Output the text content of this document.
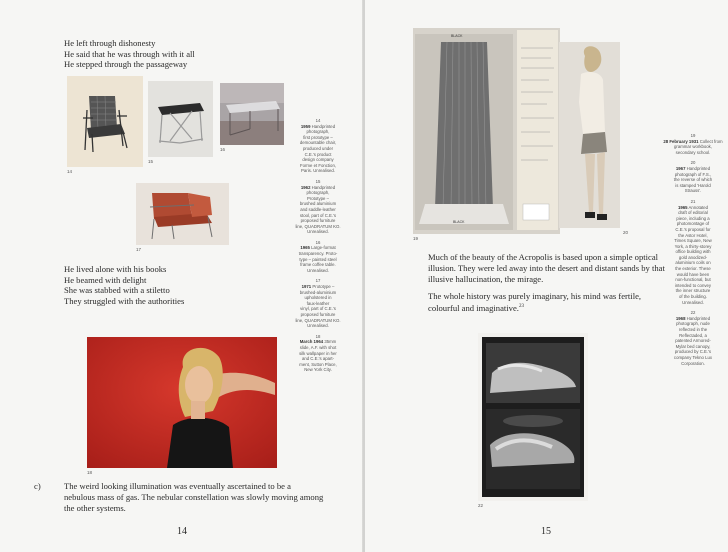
He left through dishonesty
He said that he was through with it all
He stepped through the passageway
14
15
16
17
14
1959 Handprinted
photograph,
first prototype –
demountable chair,
produced under
C.E.'s product
design company
Forme et Fonction,
Paris. Unrealised.
15
1962 Handprinted
photograph,
Prototype –
brushed aluminium
and saddle-leather
stool, part of C.E.'s
proposed furniture
line, QUADRATUM KO.
Unrealised.
16
1965 Large-format
transparency. Proto-
type – painted steel
frame coffee table.
Unrealised.
17
1971 Prototype –
brushed-aluminium
upholstered in
faux-leather
vinyl, part of C.E.'s
proposed furniture
line, QUADRATUM KO.
Unrealised.
18
March 1964 35mm
slide, A.F. with shot
silk wallpaper in her
and C.E.'s apart-
ment, Sutton Place,
New York City.
He lived alone with his books
He beamed with delight
She was stabbed with a stiletto
They struggled with the authorities
18
c)	The weird looking illumination was eventually ascertained to be a
nebulous mass of gas. The nebular constellation was slowly moving among
the other systems.
14
BLACK
BLACK
19
20
19
28 February 1931 Collect from
grammar workbook,
secondary school.
20
1967 Handprinted
photograph of F.S.,
the reverse of which
is stamped 'Harold
Strauss'.
21
1965 Annotated
draft of editorial
piece, including a
photomontage of
C.E.'s proposal for
the Astor Hotel,
Times Square, New
York, a thirty-storey
office building with
gold anodized-
aluminium coils on
the exterior. These
would have been
non-functional, but
intended to convey
the inner structure
of the building.
Unrealised.
22
1968 Handprinted
photograph, nude
reflected in the
Reflectaded, a
patented Armored-
Mylar bed canopy,
produced by C.E.'s
company Tekno Lux
Corporation.
Much of the beauty of the Acropolis is based upon a simple optical
illusion. They were led away into the desert and distant sands by that
illusive hallucination, the mirage.
The whole history was purely imaginary, his mind was fertile,
colourful and imaginative.$^{23}$
22
15
